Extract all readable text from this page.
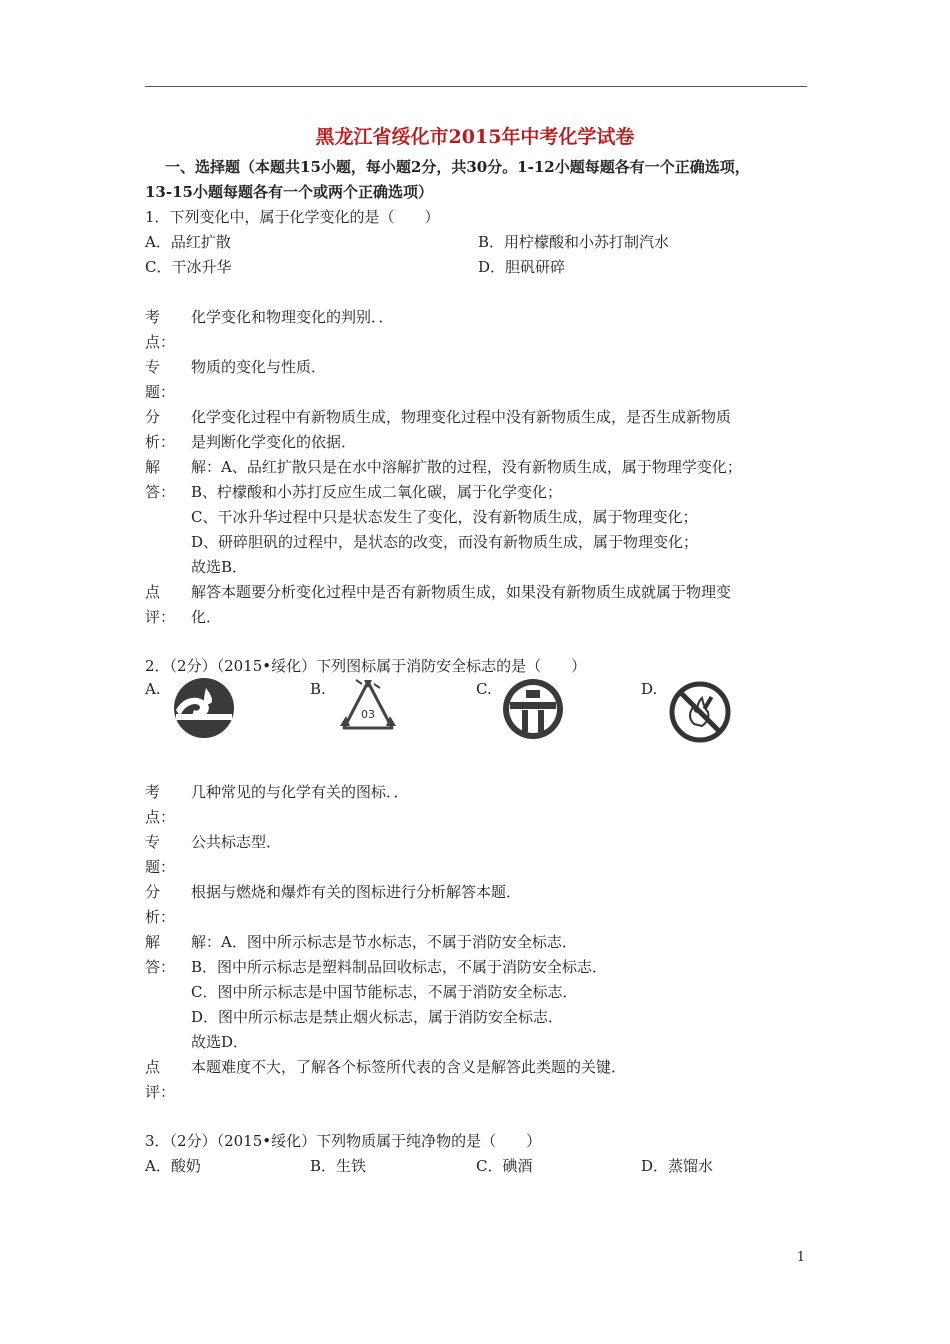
黑龙江省绥化市2015年中考化学试卷
一、选择题（本题共15小题，每小题2分，共30分。1-12小题每题各有一个正确选项，
13-15小题每题各有一个或两个正确选项）
1．下列变化中，属于化学变化的是（　　）
A．品红扩散	B．用柠檬酸和小苏打制汽水
C．干冰升华	D．胆矾研碎
考	化学变化和物理变化的判别．．
点：
专	物质的变化与性质．
题：
分	化学变化过程中有新物质生成，物理变化过程中没有新物质生成，是否生成新物质
析：	是判断化学变化的依据．
解	解：A、品红扩散只是在水中溶解扩散的过程，没有新物质生成，属于物理学变化；
答：	B、柠檬酸和小苏打反应生成二氧化碳，属于化学变化；
C、干冰升华过程中只是状态发生了变化，没有新物质生成，属于物理变化；
D、研碎胆矾的过程中，是状态的改变，而没有新物质生成，属于物理变化；
故选B．
点	解答本题要分析变化过程中是否有新物质生成，如果没有新物质生成就属于物理变
评：	化．
2．（2分）（2015•绥化）下列图标属于消防安全标志的是（　　）
A.	B.	C.	D.
03
考	几种常见的与化学有关的图标．．
点：
专	公共标志型．
题：
分	根据与燃烧和爆炸有关的图标进行分析解答本题．
析：
解	解：A．图中所示标志是节水标志，不属于消防安全标志．
答：	B．图中所示标志是塑料制品回收标志，不属于消防安全标志．
C．图中所示标志是中国节能标志，不属于消防安全标志．
D．图中所示标志是禁止烟火标志，属于消防安全标志．
故选D．
点	本题难度不大，了解各个标签所代表的含义是解答此类题的关键．
评：
3．（2分）（2015•绥化）下列物质属于纯净物的是（　　）
A．酸奶	B．生铁	C．碘酒	D．蒸馏水
1
